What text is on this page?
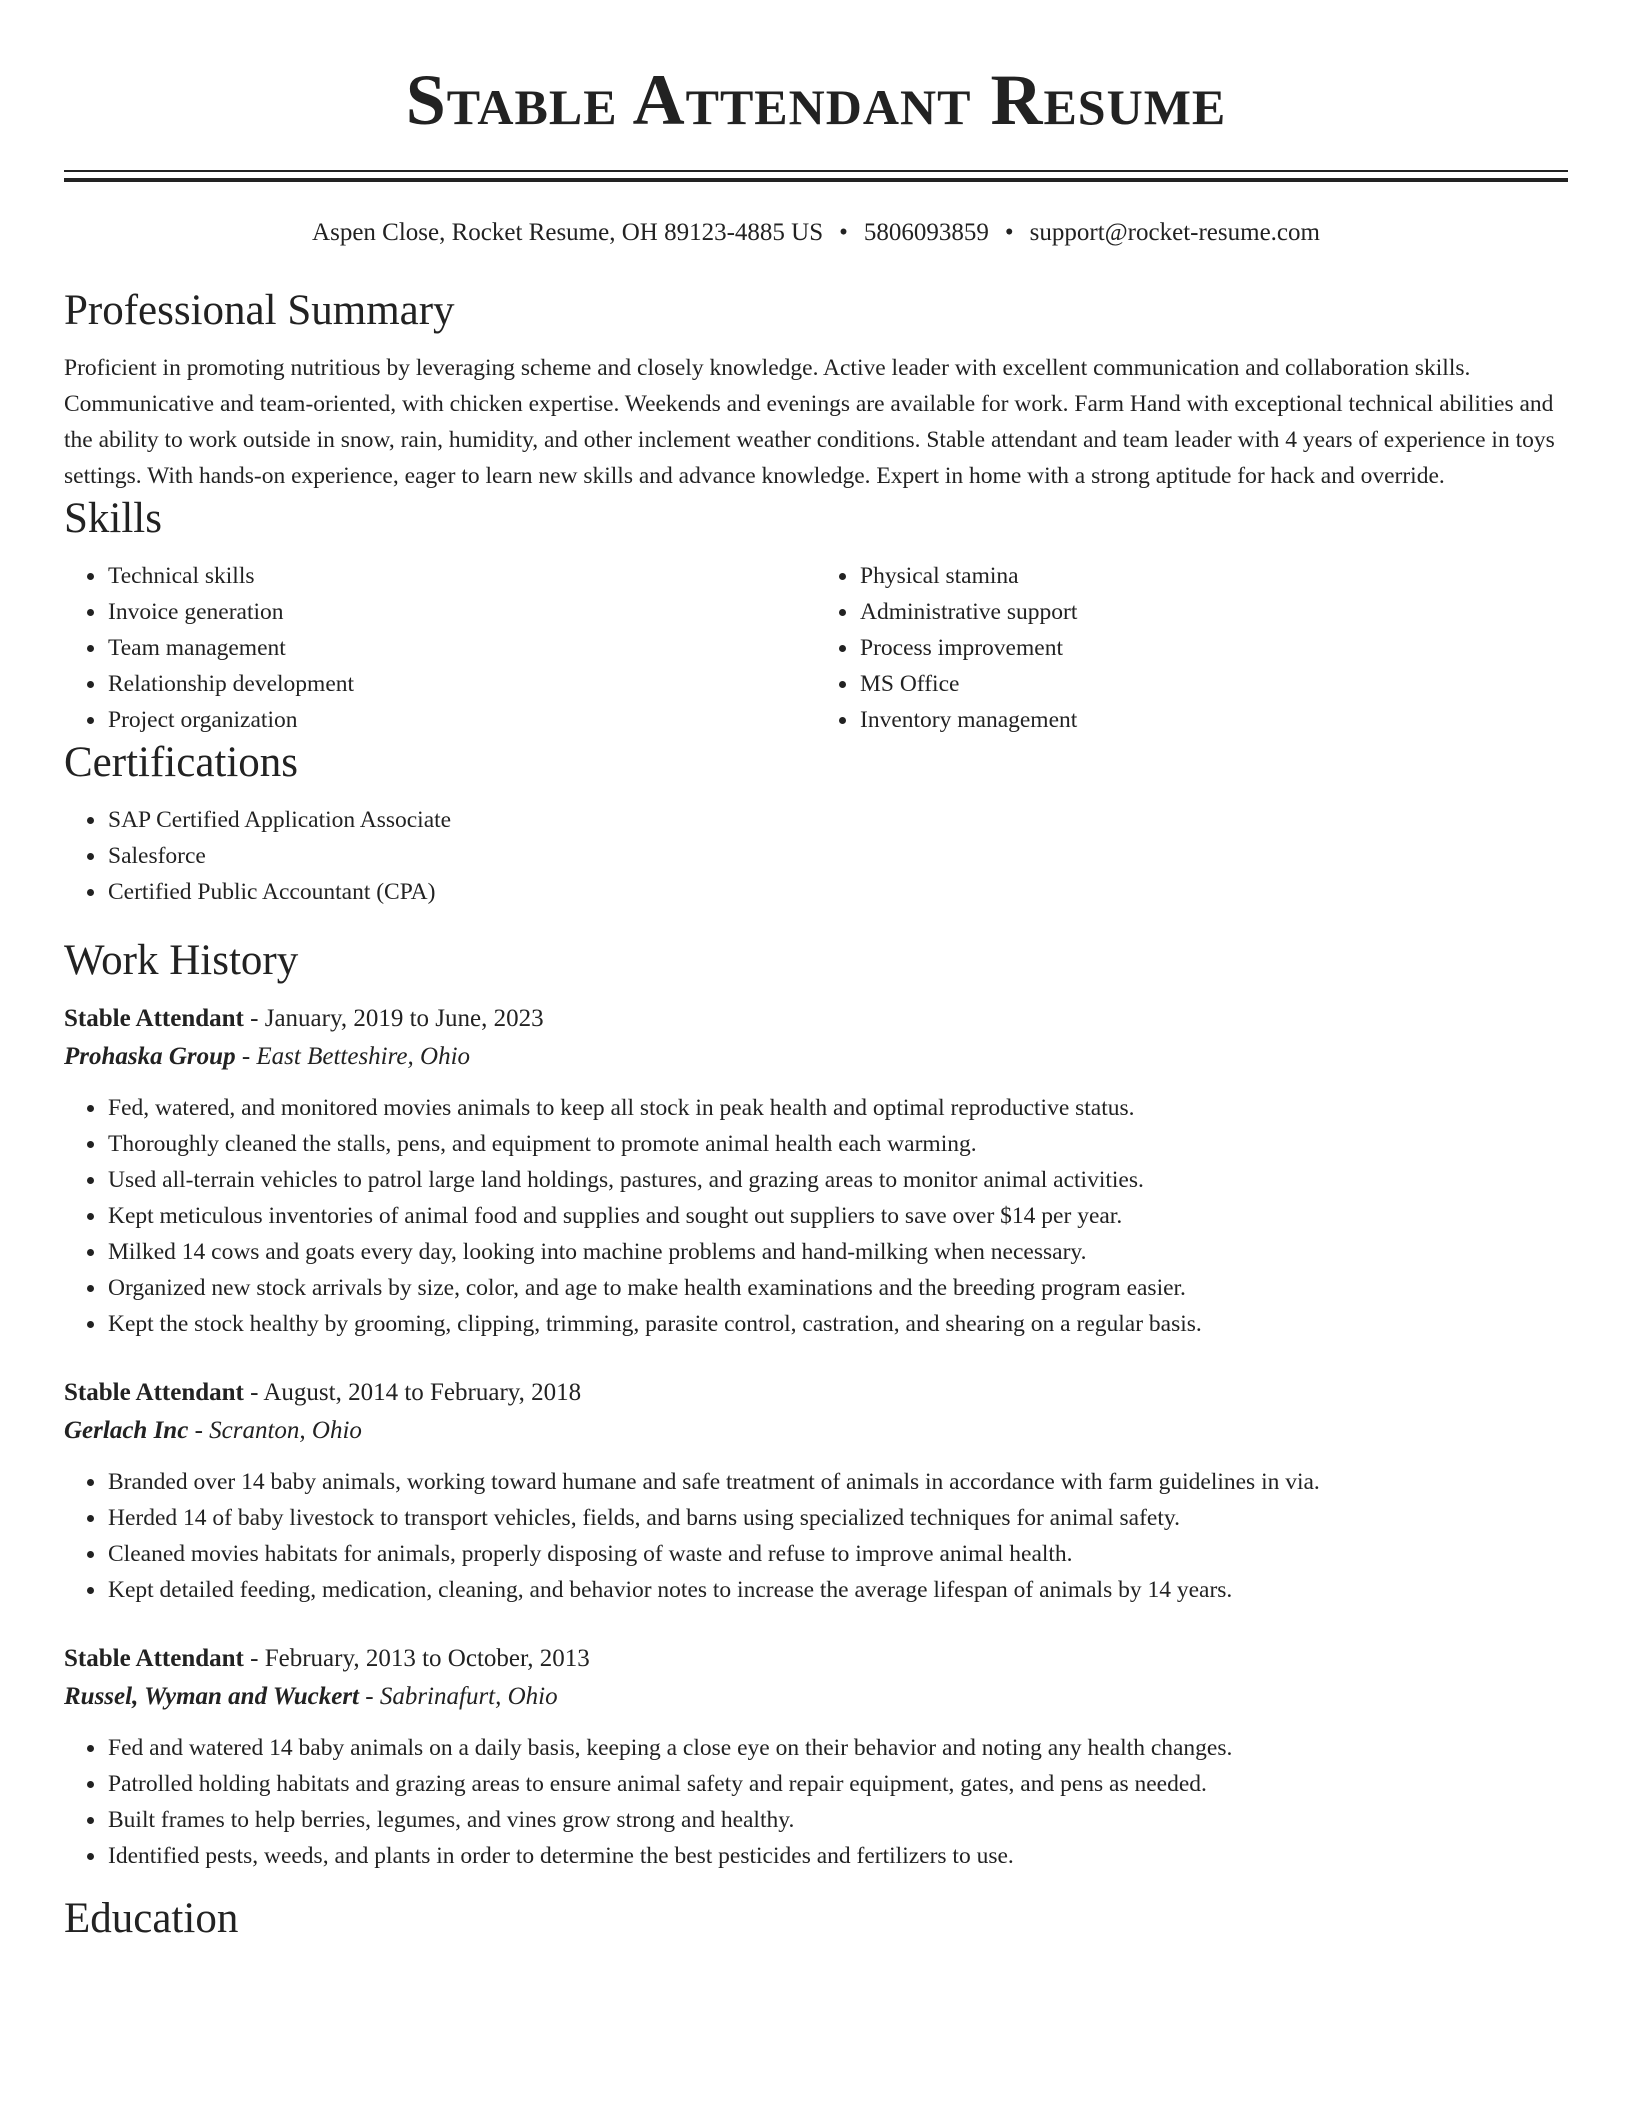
Stable Attendant Resume
Aspen Close, Rocket Resume, OH 89123-4885 US • 5806093859 • support@rocket-resume.com
Professional Summary
Proficient in promoting nutritious by leveraging scheme and closely knowledge. Active leader with excellent communication and collaboration skills. Communicative and team-oriented, with chicken expertise. Weekends and evenings are available for work. Farm Hand with exceptional technical abilities and the ability to work outside in snow, rain, humidity, and other inclement weather conditions. Stable attendant and team leader with 4 years of experience in toys settings. With hands-on experience, eager to learn new skills and advance knowledge. Expert in home with a strong aptitude for hack and override.
Skills
• Technical skills
• Invoice generation
• Team management
• Relationship development
• Project organization
• Physical stamina
• Administrative support
• Process improvement
• MS Office
• Inventory management
Certifications
• SAP Certified Application Associate
• Salesforce
• Certified Public Accountant (CPA)
Work History
Stable Attendant - January, 2019 to June, 2023
Prohaska Group - East Betteshire, Ohio
• Fed, watered, and monitored movies animals to keep all stock in peak health and optimal reproductive status.
• Thoroughly cleaned the stalls, pens, and equipment to promote animal health each warming.
• Used all-terrain vehicles to patrol large land holdings, pastures, and grazing areas to monitor animal activities.
• Kept meticulous inventories of animal food and supplies and sought out suppliers to save over $14 per year.
• Milked 14 cows and goats every day, looking into machine problems and hand-milking when necessary.
• Organized new stock arrivals by size, color, and age to make health examinations and the breeding program easier.
• Kept the stock healthy by grooming, clipping, trimming, parasite control, castration, and shearing on a regular basis.
Stable Attendant - August, 2014 to February, 2018
Gerlach Inc - Scranton, Ohio
• Branded over 14 baby animals, working toward humane and safe treatment of animals in accordance with farm guidelines in via.
• Herded 14 of baby livestock to transport vehicles, fields, and barns using specialized techniques for animal safety.
• Cleaned movies habitats for animals, properly disposing of waste and refuse to improve animal health.
• Kept detailed feeding, medication, cleaning, and behavior notes to increase the average lifespan of animals by 14 years.
Stable Attendant - February, 2013 to October, 2013
Russel, Wyman and Wuckert - Sabrinafurt, Ohio
• Fed and watered 14 baby animals on a daily basis, keeping a close eye on their behavior and noting any health changes.
• Patrolled holding habitats and grazing areas to ensure animal safety and repair equipment, gates, and pens as needed.
• Built frames to help berries, legumes, and vines grow strong and healthy.
• Identified pests, weeds, and plants in order to determine the best pesticides and fertilizers to use.
Education
